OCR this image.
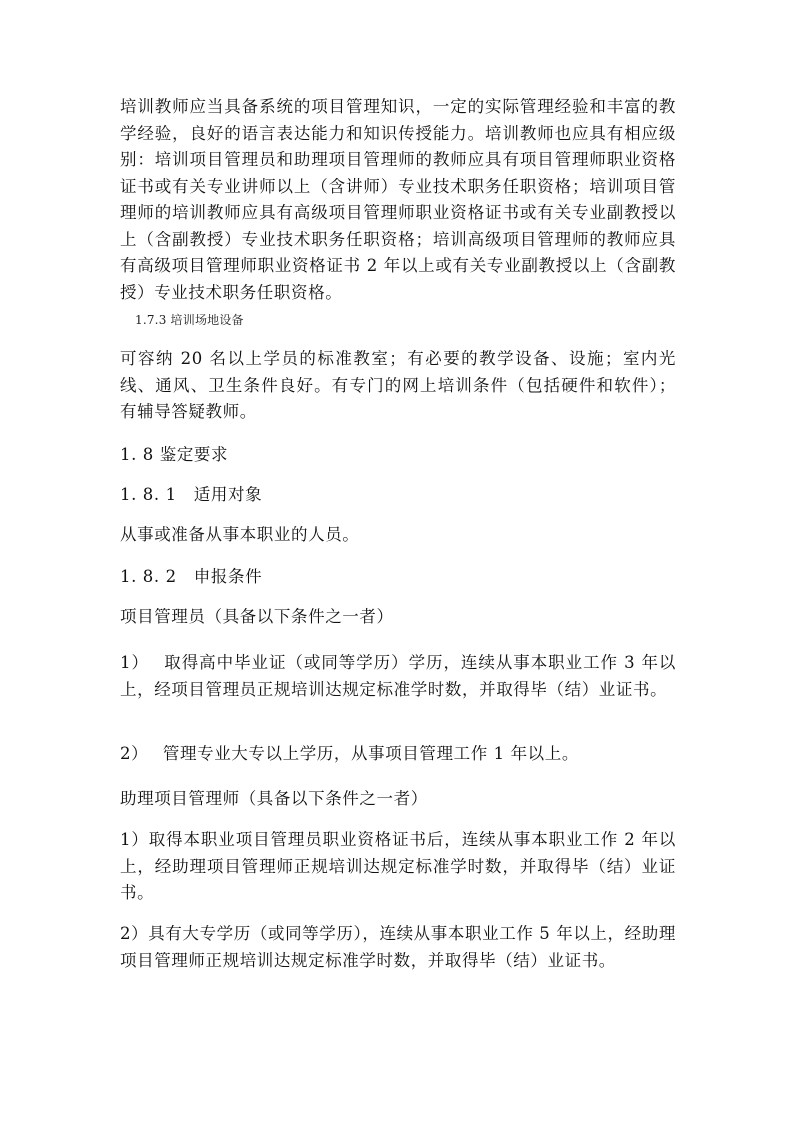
培训教师应当具备系统的项目管理知识，一定的实际管理经验和丰富的教学经验，良好的语言表达能力和知识传授能力。培训教师也应具有相应级别：培训项目管理员和助理项目管理师的教师应具有项目管理师职业资格证书或有关专业讲师以上（含讲师）专业技术职务任职资格；培训项目管理师的培训教师应具有高级项目管理师职业资格证书或有关专业副教授以上（含副教授）专业技术职务任职资格；培训高级项目管理师的教师应具有高级项目管理师职业资格证书 2 年以上或有关专业副教授以上（含副教授）专业技术职务任职资格。

1.7.3 培训场地设备

可容纳 20 名以上学员的标准教室；有必要的教学设备、设施；室内光线、通风、卫生条件良好。有专门的网上培训条件（包括硬件和软件）；有辅导答疑教师。

1. 8 鉴定要求

1. 8. 1　适用对象

从事或准备从事本职业的人员。

1. 8. 2　申报条件

项目管理员（具备以下条件之一者）

1）　 取得高中毕业证（或同等学历）学历，连续从事本职业工作 3 年以上，经项目管理员正规培训达规定标准学时数，并取得毕（结）业证书。

2）　 管理专业大专以上学历，从事项目管理工作 1 年以上。

助理项目管理师（具备以下条件之一者）

1）取得本职业项目管理员职业资格证书后，连续从事本职业工作 2 年以上，经助理项目管理师正规培训达规定标准学时数，并取得毕（结）业证书。

2）具有大专学历（或同等学历），连续从事本职业工作 5 年以上，经助理项目管理师正规培训达规定标准学时数，并取得毕（结）业证书。
